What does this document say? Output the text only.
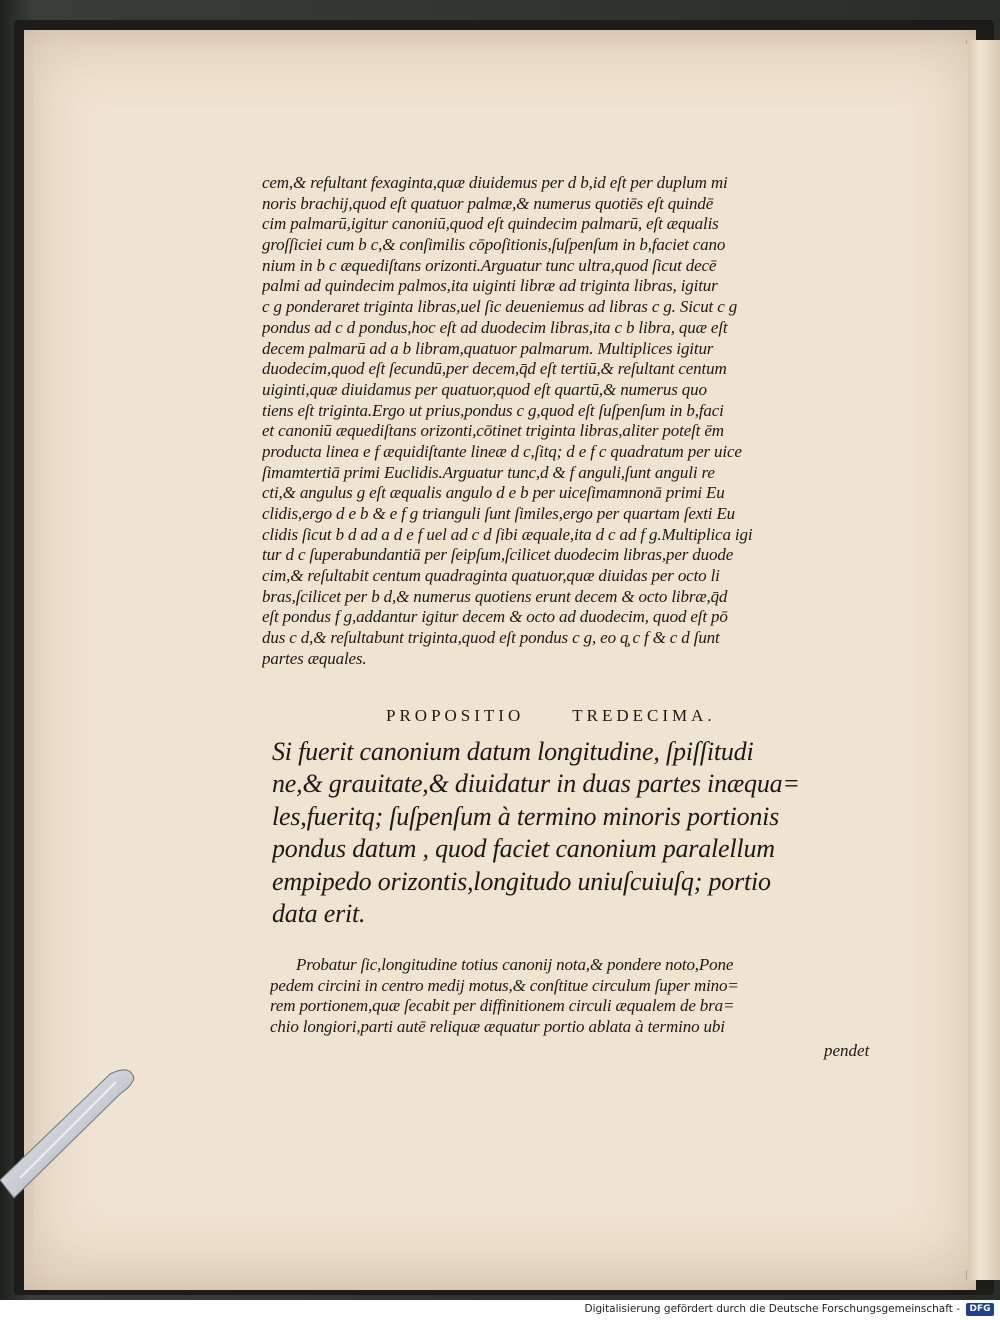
cem,& refultant fexaginta,quæ diuidemus per d b,id eſt per duplum mi
noris brachij,quod eſt quatuor palmæ,& numerus quotiēs eſt quindē
cim palmarū,igitur canoniū,quod eſt quindecim palmarū, eſt æqualis
groſſiciei cum b c,& conſimilis cōpoſitionis,ſuſpenſum in b,faciet cano
nium in b c æquediſtans orizonti.Arguatur tunc ultra,quod ſicut decē
palmi ad quindecim palmos,ita uiginti libræ ad triginta libras, igitur
c g ponderaret triginta libras,uel ſic deueniemus ad libras c g. Sicut c g
pondus ad c d pondus,hoc eſt ad duodecim libras,ita c b libra, quæ eſt
decem palmarū ad a b libram,quatuor palmarum. Multiplices igitur
duodecim,quod eſt ſecundū,per decem,q̄d eſt tertiū,& reſultant centum
uiginti,quæ diuidamus per quatuor,quod eſt quartū,& numerus quo
tiens eſt triginta.Ergo ut prius,pondus c g,quod eſt ſuſpenſum in b,faci
et canoniū æquediſtans orizonti,cōtinet triginta libras,aliter poteſt ēm
producta linea e f æquidiſtante lineæ d c,ſitq; d e f c quadratum per uice
ſimamtertiā primi Euclidis.Arguatur tunc,d & f anguli,ſunt anguli re
cti,& angulus g eſt æqualis angulo d e b per uiceſimamnonā primi Eu
clidis,ergo d e b & e f g trianguli ſunt ſimiles,ergo per quartam ſexti Eu
clidis ſicut b d ad a d e f uel ad c d ſibi æquale,ita d c ad f g.Multiplica igi
tur d c ſuperabundantiā per ſeipſum,ſcilicet duodecim libras,per duode
cim,& reſultabit centum quadraginta quatuor,quæ diuidas per octo li
bras,ſcilicet per b d,& numerus quotiens erunt decem & octo libræ,q̄d
eſt pondus f g,addantur igitur decem & octo ad duodecim, quod eſt pō
dus c d,& reſultabunt triginta,quod eſt pondus c g, eo q̧ c f & c d ſunt
partes æquales.
PROPOSITIO	TREDECIMA.
Si fuerit canonium datum longitudine, ſpiſſitudi
ne,& grauitate,& diuidatur in duas partes inæqua=
les,fueritq; ſuſpenſum à termino minoris portionis
pondus datum , quod faciet canonium paralellum
empipedo orizontis,longitudo uniuſcuiuſq; portio
data erit.
Probatur ſic,longitudine totius canonij nota,& pondere noto,Pone
pedem circini in centro medij motus,& conſtitue circulum ſuper mino=
rem portionem,quæ ſecabit per diffinitionem circuli æqualem de bra=
chio longiori,parti autē reliquæ æquatur portio ablata à termino ubi
pendet
Digitalisierung gefördert durch die Deutsche Forschungsgemeinschaft -	DFG
